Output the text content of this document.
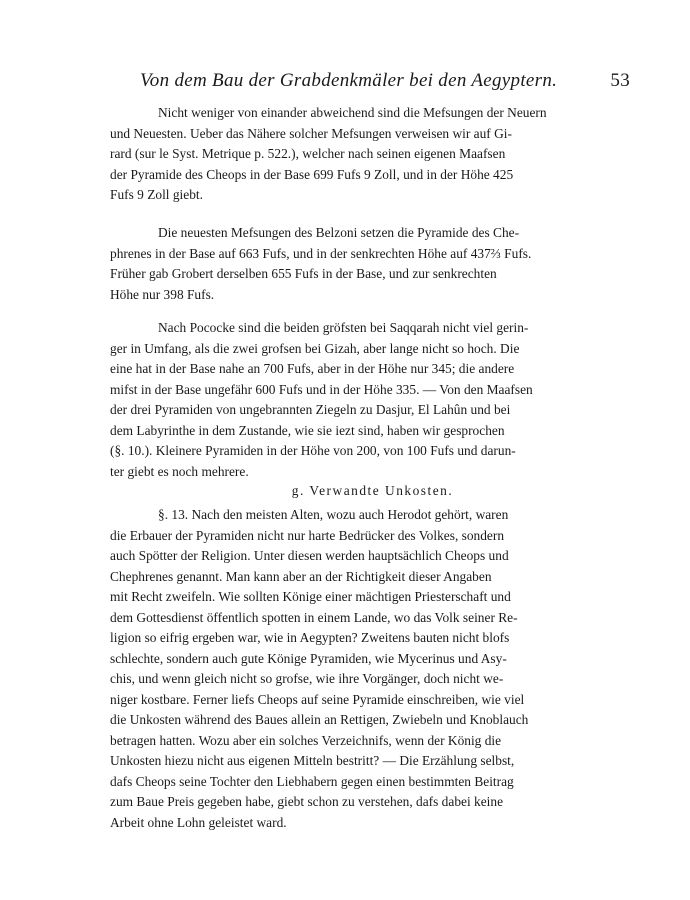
Von dem Bau der Grabdenkmäler bei den Aegyptern.	53
Nicht weniger von einander abweichend sind die Mefsungen der Neuern
und Neuesten. Ueber das Nähere solcher Mefsungen verweisen wir auf Gi-
rard (sur le Syst. Metrique p. 522.), welcher nach seinen eigenen Maafsen
der Pyramide des Cheops in der Base 699 Fufs 9 Zoll, und in der Höhe 425
Fufs 9 Zoll giebt.
Die neuesten Mefsungen des Belzoni setzen die Pyramide des Che-
phrenes in der Base auf 663 Fufs, und in der senkrechten Höhe auf 437⅔ Fufs.
Früher gab Grobert derselben 655 Fufs in der Base, und zur senkrechten
Höhe nur 398 Fufs.
Nach Pococke sind die beiden gröfsten bei Saqqarah nicht viel gerin-
ger in Umfang, als die zwei grofsen bei Gizah, aber lange nicht so hoch. Die
eine hat in der Base nahe an 700 Fufs, aber in der Höhe nur 345; die andere
mifst in der Base ungefähr 600 Fufs und in der Höhe 335. — Von den Maafsen
der drei Pyramiden von ungebrannten Ziegeln zu Dasjur, El Lahûn und bei
dem Labyrinthe in dem Zustande, wie sie iezt sind, haben wir gesprochen
(§. 10.). Kleinere Pyramiden in der Höhe von 200, von 100 Fufs und darun-
ter giebt es noch mehrere.
g. Verwandte Unkosten.
§. 13. Nach den meisten Alten, wozu auch Herodot gehört, waren
die Erbauer der Pyramiden nicht nur harte Bedrücker des Volkes, sondern
auch Spötter der Religion. Unter diesen werden hauptsächlich Cheops und
Chephrenes genannt. Man kann aber an der Richtigkeit dieser Angaben
mit Recht zweifeln. Wie sollten Könige einer mächtigen Priesterschaft und
dem Gottesdienst öffentlich spotten in einem Lande, wo das Volk seiner Re-
ligion so eifrig ergeben war, wie in Aegypten? Zweitens bauten nicht blofs
schlechte, sondern auch gute Könige Pyramiden, wie Mycerinus und Asy-
chis, und wenn gleich nicht so grofse, wie ihre Vorgänger, doch nicht we-
niger kostbare. Ferner liefs Cheops auf seine Pyramide einschreiben, wie viel
die Unkosten während des Baues allein an Rettigen, Zwiebeln und Knoblauch
betragen hatten. Wozu aber ein solches Verzeichnifs, wenn der König die
Unkosten hiezu nicht aus eigenen Mitteln bestritt? — Die Erzählung selbst,
dafs Cheops seine Tochter den Liebhabern gegen einen bestimmten Beitrag
zum Baue Preis gegeben habe, giebt schon zu verstehen, dafs dabei keine
Arbeit ohne Lohn geleistet ward.
